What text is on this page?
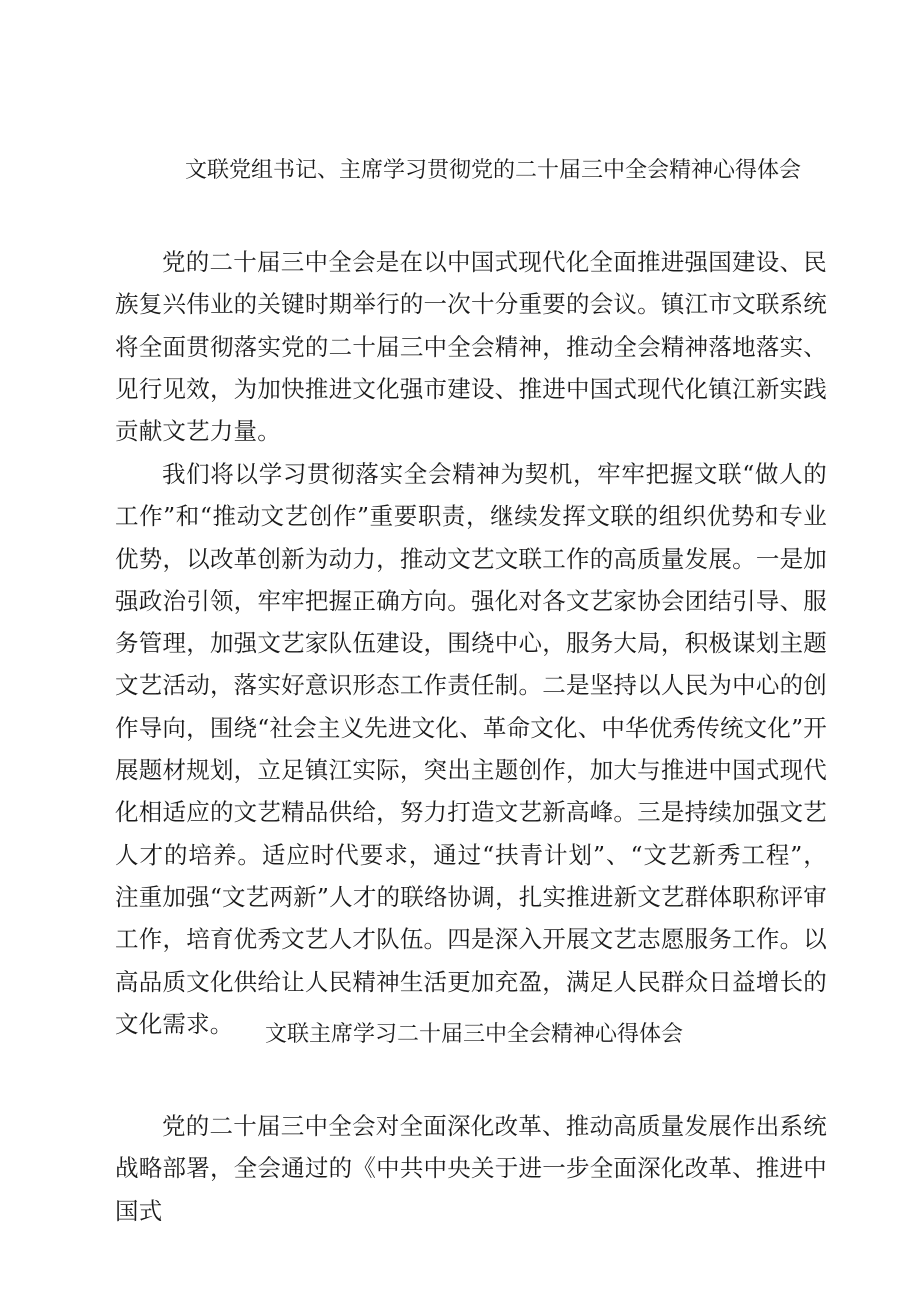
文联党组书记、主席学习贯彻党的二十届三中全会精神心得体会

党的二十届三中全会是在以中国式现代化全面推进强国建设、民族复兴伟业的关键时期举行的一次十分重要的会议。镇江市文联系统将全面贯彻落实党的二十届三中全会精神，推动全会精神落地落实、见行见效，为加快推进文化强市建设、推进中国式现代化镇江新实践贡献文艺力量。

我们将以学习贯彻落实全会精神为契机，牢牢把握文联“做人的工作”和“推动文艺创作”重要职责，继续发挥文联的组织优势和专业优势，以改革创新为动力，推动文艺文联工作的高质量发展。一是加强政治引领，牢牢把握正确方向。强化对各文艺家协会团结引导、服务管理，加强文艺家队伍建设，围绕中心，服务大局，积极谋划主题文艺活动，落实好意识形态工作责任制。二是坚持以人民为中心的创作导向，围绕“社会主义先进文化、革命文化、中华优秀传统文化”开展题材规划，立足镇江实际，突出主题创作，加大与推进中国式现代化相适应的文艺精品供给，努力打造文艺新高峰。三是持续加强文艺人才的培养。适应时代要求，通过“扶青计划”、“文艺新秀工程”，注重加强“文艺两新”人才的联络协调，扎实推进新文艺群体职称评审工作，培育优秀文艺人才队伍。四是深入开展文艺志愿服务工作。以高品质文化供给让人民精神生活更加充盈，满足人民群众日益增长的文化需求。	文联主席学习二十届三中全会精神心得体会

党的二十届三中全会对全面深化改革、推动高质量发展作出系统战略部署，全会通过的《中共中央关于进一步全面深化改革、推进中国式
